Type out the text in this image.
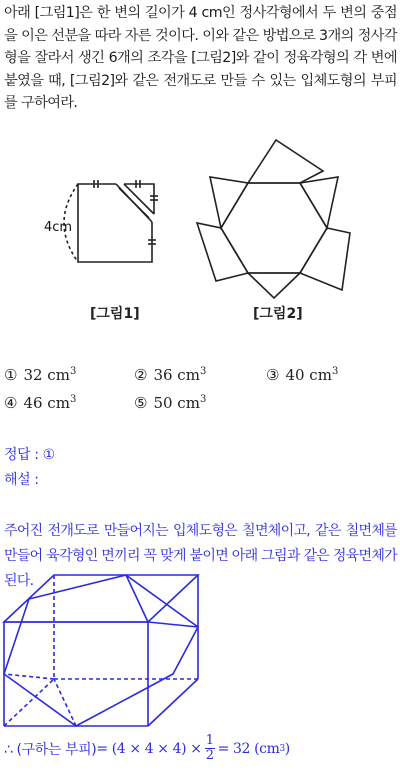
아래 [그림1]은 한 변의 길이가 4 cm인 정사각형에서 두 변의 중점을 이은 선분을 따라 자른 것이다. 이와 같은 방법으로 3개의 정사각형을 잘라서 생긴 6개의 조각을 [그림2]와 같이 정육각형의 각 변에 붙였을 때, [그림2]와 같은 전개도로 만들 수 있는 입체도형의 부피를 구하여라.
4cm
[그림1]	[그림2]
① 32 $cm^3$	② 36 $cm^3$	③ 40 $cm^3$
④ 46 $cm^3$	⑤ 50 $cm^3$
정답 : ①
해설 :
주어진 전개도로 만들어지는 입체도형은 칠면체이고, 같은 칠면체를 만들어 육각형인 면끼리 꼭 맞게 붙이면 아래 그림과 같은 정육면체가 된다.
∴ (구하는 부피) = $(4 \times 4 \times 4) \times \frac{1}{2} = 32$ (cm 3 )
